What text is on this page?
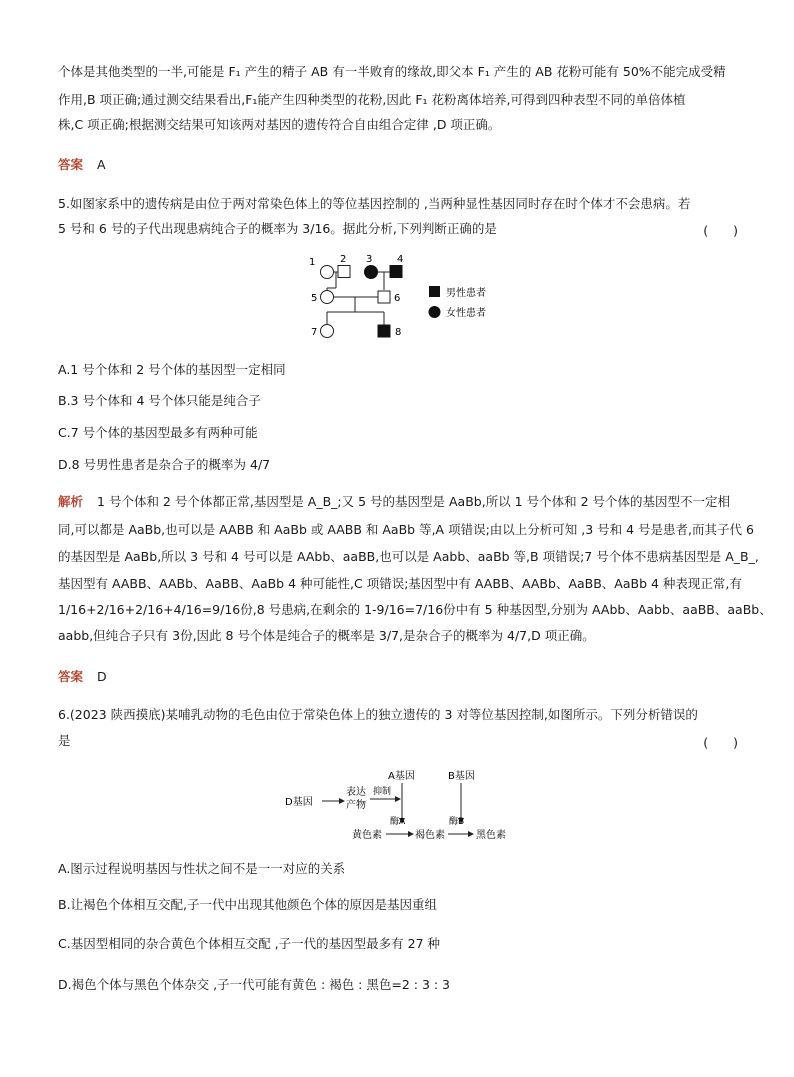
个体是其他类型的一半,可能是 F₁ 产生的精子 AB 有一半败育的缘故,即父本 F₁ 产生的 AB 花粉可能有 50%不能完成受精
作用,B 项正确;通过测交结果看出,F₁能产生四种类型的花粉,因此 F₁ 花粉离体培养,可得到四种表型不同的单倍体植
株,C 项正确;根据测交结果可知该两对基因的遗传符合自由组合定律 ,D 项正确。
答案 A
5.如图家系中的遗传病是由位于两对常染色体上的等位基因控制的 ,当两种显性基因同时存在时个体才不会患病。若
5 号和 6 号的子代出现患病纯合子的概率为 3/16。据此分析,下列判断正确的是	(　　)
1 2 3 4
5	6
7	8
男性患者
女性患者
A.1 号个体和 2 号个体的基因型一定相同
B.3 号个体和 4 号个体只能是纯合子
C.7 号个体的基因型最多有两种可能
D.8 号男性患者是杂合子的概率为 4/7
解析 1 号个体和 2 号个体都正常,基因型是 A_B_;又 5 号的基因型是 AaBb,所以 1 号个体和 2 号个体的基因型不一定相
同,可以都是 AaBb,也可以是 AABB 和 AaBb 或 AABB 和 AaBb 等,A 项错误;由以上分析可知 ,3 号和 4 号是患者,而其子代 6
的基因型是 AaBb,所以 3 号和 4 号可以是 AAbb、aaBB,也可以是 Aabb、aaBb 等,B 项错误;7 号个体不患病基因型是 A_B_,
基因型有 AABB、AABb、AaBB、AaBb 4 种可能性,C 项错误;基因型中有 AABB、AABb、AaBB、AaBb 4 种表现正常,有
1/16+2/16+2/16+4/16=9/16份,8 号患病,在剩余的 1-9/16=7/16份中有 5 种基因型,分别为 AAbb、Aabb、aaBB、aaBb、
aabb,但纯合子只有 3份,因此 8 号个体是纯合子的概率是 3/7,是杂合子的概率为 4/7,D 项正确。
答案 D
6.(2023 陕西摸底)某哺乳动物的毛色由位于常染色体上的独立遗传的 3 对等位基因控制,如图所示。下列分析错误的
是	(　　)
A基因	B基因
D基因
表达
产物
抑制
酶A	酶B
黄色素	褐色素	黑色素
A.图示过程说明基因与性状之间不是一一对应的关系
B.让褐色个体相互交配,子一代中出现其他颜色个体的原因是基因重组
C.基因型相同的杂合黄色个体相互交配 ,子一代的基因型最多有 27 种
D.褐色个体与黑色个体杂交 ,子一代可能有黄色 : 褐色 : 黑色=2 : 3 : 3
